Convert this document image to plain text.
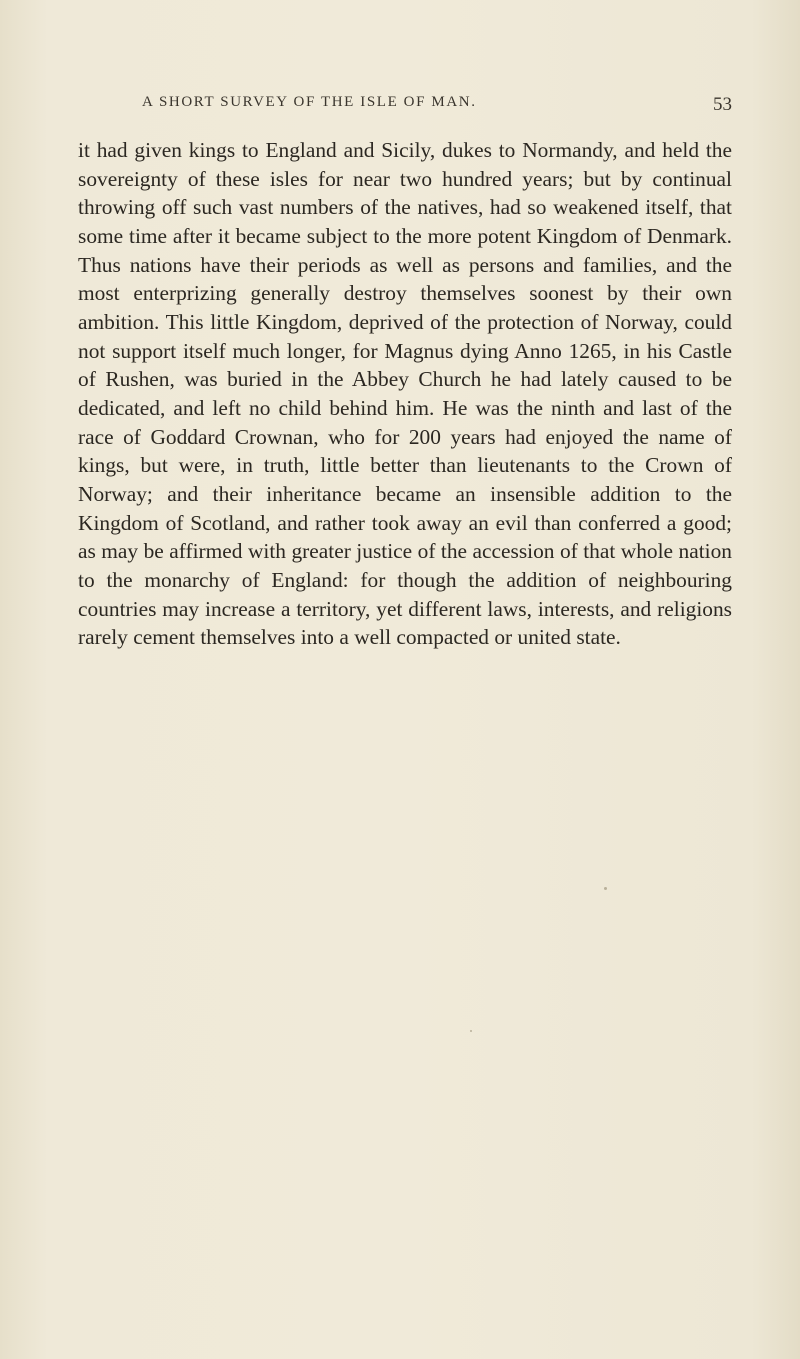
A SHORT SURVEY OF THE ISLE OF MAN.	53

it had given kings to England and Sicily, dukes to Normandy, and held the sovereignty of these isles for near two hundred years; but by continual throwing off such vast numbers of the natives, had so weakened itself, that some time after it became subject to the more potent Kingdom of Denmark. Thus nations have their periods as well as persons and families, and the most enterprizing generally destroy themselves soonest by their own ambition. This little Kingdom, deprived of the protection of Norway, could not support itself much longer, for Magnus dying Anno 1265, in his Castle of Rushen, was buried in the Abbey Church he had lately caused to be dedicated, and left no child behind him. He was the ninth and last of the race of Goddard Crownan, who for 200 years had enjoyed the name of kings, but were, in truth, little better than lieutenants to the Crown of Norway; and their inheritance became an insensible addition to the Kingdom of Scotland, and rather took away an evil than conferred a good; as may be affirmed with greater justice of the accession of that whole nation to the monarchy of England: for though the addition of neighbouring countries may increase a territory, yet different laws, interests, and religions rarely cement themselves into a well compacted or united state.
